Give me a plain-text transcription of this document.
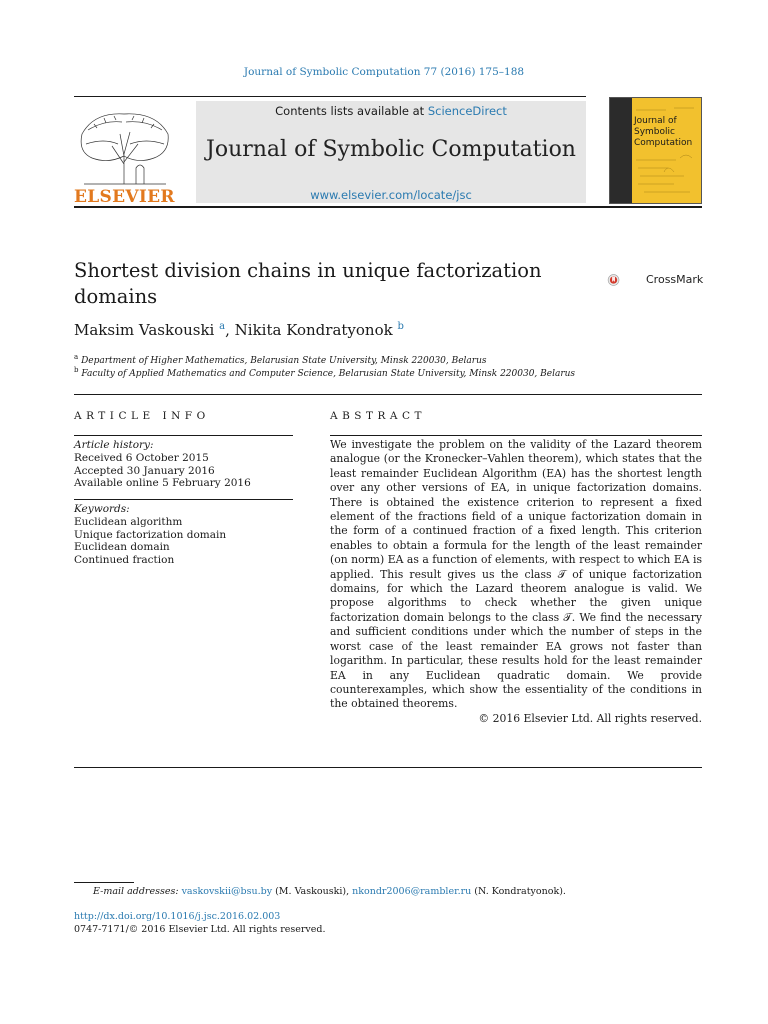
Journal of Symbolic Computation 77 (2016) 175–188
ELSEVIER
Contents lists available at ScienceDirect
Journal of Symbolic Computation
www.elsevier.com/locate/jsc
Journal of
Symbolic
Computation
Shortest division chains in unique factorization domains
CrossMark
Maksim Vaskouski $^a$, Nikita Kondratyonok $^b$
$^a$ Department of Higher Mathematics, Belarusian State University, Minsk 220030, Belarus
$^b$ Faculty of Applied Mathematics and Computer Science, Belarusian State University, Minsk 220030, Belarus
ARTICLE INFO
Article history:
Received 6 October 2015
Accepted 30 January 2016
Available online 5 February 2016
Keywords:
Euclidean algorithm
Unique factorization domain
Euclidean domain
Continued fraction
ABSTRACT
We investigate the problem on the validity of the Lazard theorem analogue (or the Kronecker–Vahlen theorem), which states that the least remainder Euclidean Algorithm (EA) has the shortest length over any other versions of EA, in unique factorization domains. There is obtained the existence criterion to represent a fixed element of the fractions field of a unique factorization domain in the form of a continued fraction of a fixed length. This criterion enables to obtain a formula for the length of the least remainder (on norm) EA as a function of elements, with respect to which EA is applied. This result gives us the class 𝒯 of unique factorization domains, for which the Lazard theorem analogue is valid. We propose algorithms to check whether the given unique factorization domain belongs to the class 𝒯. We find the necessary and sufficient conditions under which the number of steps in the worst case of the least remainder EA grows not faster than logarithm. In particular, these results hold for the least remainder EA in any Euclidean quadratic domain. We provide counterexamples, which show the essentiality of the conditions in the obtained theorems.
© 2016 Elsevier Ltd. All rights reserved.
E-mail addresses: vaskovskii@bsu.by (M. Vaskouski), nkondr2006@rambler.ru (N. Kondratyonok).
http://dx.doi.org/10.1016/j.jsc.2016.02.003
0747-7171/© 2016 Elsevier Ltd. All rights reserved.
